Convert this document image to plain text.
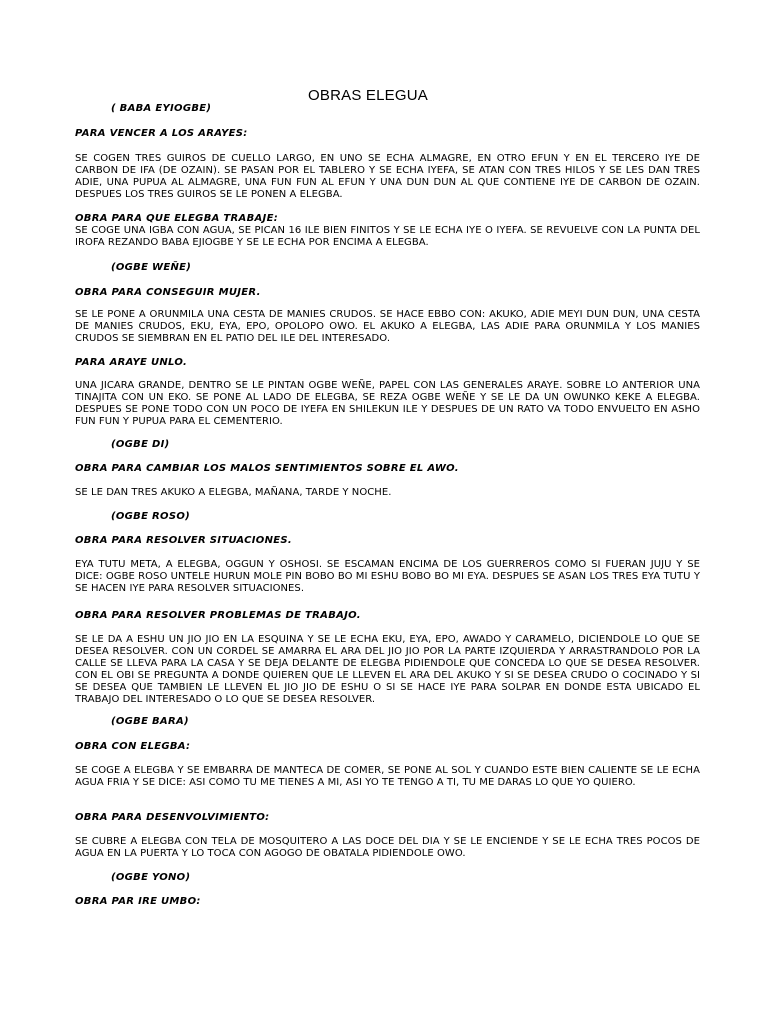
OBRAS ELEGUA
( BABA EYIOGBE)
PARA VENCER A LOS ARAYES:
SE COGEN TRES GUIROS DE CUELLO LARGO, EN UNO SE ECHA ALMAGRE, EN OTRO EFUN Y EN EL TERCERO IYE DE CARBON DE IFA (DE OZAIN). SE PASAN POR EL TABLERO Y SE ECHA IYEFA, SE ATAN CON TRES HILOS Y SE LES DAN TRES ADIE, UNA PUPUA AL ALMAGRE, UNA FUN FUN AL EFUN Y UNA DUN DUN AL QUE CONTIENE IYE DE CARBON DE OZAIN. DESPUES LOS TRES GUIROS SE LE PONEN A ELEGBA.
OBRA PARA QUE ELEGBA TRABAJE:
SE COGE UNA IGBA CON AGUA, SE PICAN 16 ILE BIEN FINITOS Y SE LE ECHA IYE O IYEFA. SE REVUELVE CON LA PUNTA DEL IROFA REZANDO BABA EJIOGBE Y SE LE ECHA POR ENCIMA A ELEGBA.
(OGBE WEÑE)
OBRA PARA CONSEGUIR MUJER.
SE LE PONE A ORUNMILA UNA CESTA DE MANIES CRUDOS. SE HACE EBBO CON: AKUKO, ADIE MEYI DUN DUN, UNA CESTA DE MANIES CRUDOS, EKU, EYA, EPO, OPOLOPO OWO. EL AKUKO A ELEGBA, LAS ADIE PARA ORUNMILA Y LOS MANIES CRUDOS SE SIEMBRAN EN EL PATIO DEL ILE DEL INTERESADO.
PARA ARAYE UNLO.
UNA JICARA GRANDE, DENTRO SE LE PINTAN OGBE WEÑE, PAPEL CON LAS GENERALES ARAYE. SOBRE LO ANTERIOR UNA TINAJITA CON UN EKO. SE PONE AL LADO DE ELEGBA, SE REZA OGBE WEÑE Y SE LE DA UN OWUNKO KEKE A ELEGBA. DESPUES SE PONE TODO CON UN POCO DE IYEFA EN SHILEKUN ILE Y DESPUES DE UN RATO VA TODO ENVUELTO EN ASHO FUN FUN Y PUPUA PARA EL CEMENTERIO.
(OGBE DI)
OBRA PARA CAMBIAR LOS MALOS SENTIMIENTOS SOBRE EL AWO.
SE LE DAN TRES AKUKO A ELEGBA, MAÑANA, TARDE Y NOCHE.
(OGBE ROSO)
OBRA PARA RESOLVER SITUACIONES.
EYA TUTU META, A ELEGBA, OGGUN Y OSHOSI. SE ESCAMAN ENCIMA DE LOS GUERREROS COMO SI FUERAN JUJU Y SE DICE: OGBE ROSO UNTELE HURUN MOLE PIN BOBO BO MI ESHU BOBO BO MI EYA. DESPUES SE ASAN LOS TRES EYA TUTU Y SE HACEN IYE PARA RESOLVER SITUACIONES.
OBRA PARA RESOLVER PROBLEMAS DE TRABAJO.
SE LE DA A ESHU UN JIO JIO EN LA ESQUINA Y SE LE ECHA EKU, EYA, EPO, AWADO Y CARAMELO, DICIENDOLE LO QUE SE DESEA RESOLVER. CON UN CORDEL SE AMARRA EL ARA DEL JIO JIO POR LA PARTE IZQUIERDA Y ARRASTRANDOLO POR LA CALLE SE LLEVA PARA LA CASA Y SE DEJA DELANTE DE ELEGBA PIDIENDOLE QUE CONCEDA LO QUE SE DESEA RESOLVER. CON EL OBI SE PREGUNTA A DONDE QUIEREN QUE LE LLEVEN EL ARA DEL AKUKO Y SI SE DESEA CRUDO O COCINADO Y SI SE DESEA QUE TAMBIEN LE LLEVEN EL JIO JIO DE ESHU O SI SE HACE IYE PARA SOLPAR EN DONDE ESTA UBICADO EL TRABAJO DEL INTERESADO O LO QUE SE DESEA RESOLVER.
(OGBE BARA)
OBRA CON ELEGBA:
SE COGE A ELEGBA Y SE EMBARRA DE MANTECA DE COMER, SE PONE AL SOL Y CUANDO ESTE BIEN CALIENTE SE LE ECHA AGUA FRIA Y SE DICE: ASI COMO TU ME TIENES A MI, ASI YO TE TENGO A TI, TU ME DARAS LO QUE YO QUIERO.
OBRA PARA DESENVOLVIMIENTO:
SE CUBRE A ELEGBA CON TELA DE MOSQUITERO A LAS DOCE DEL DIA Y SE LE ENCIENDE Y SE LE ECHA TRES POCOS DE AGUA EN LA PUERTA Y LO TOCA CON AGOGO DE OBATALA PIDIENDOLE OWO.
(OGBE YONO)
OBRA PAR IRE UMBO:
